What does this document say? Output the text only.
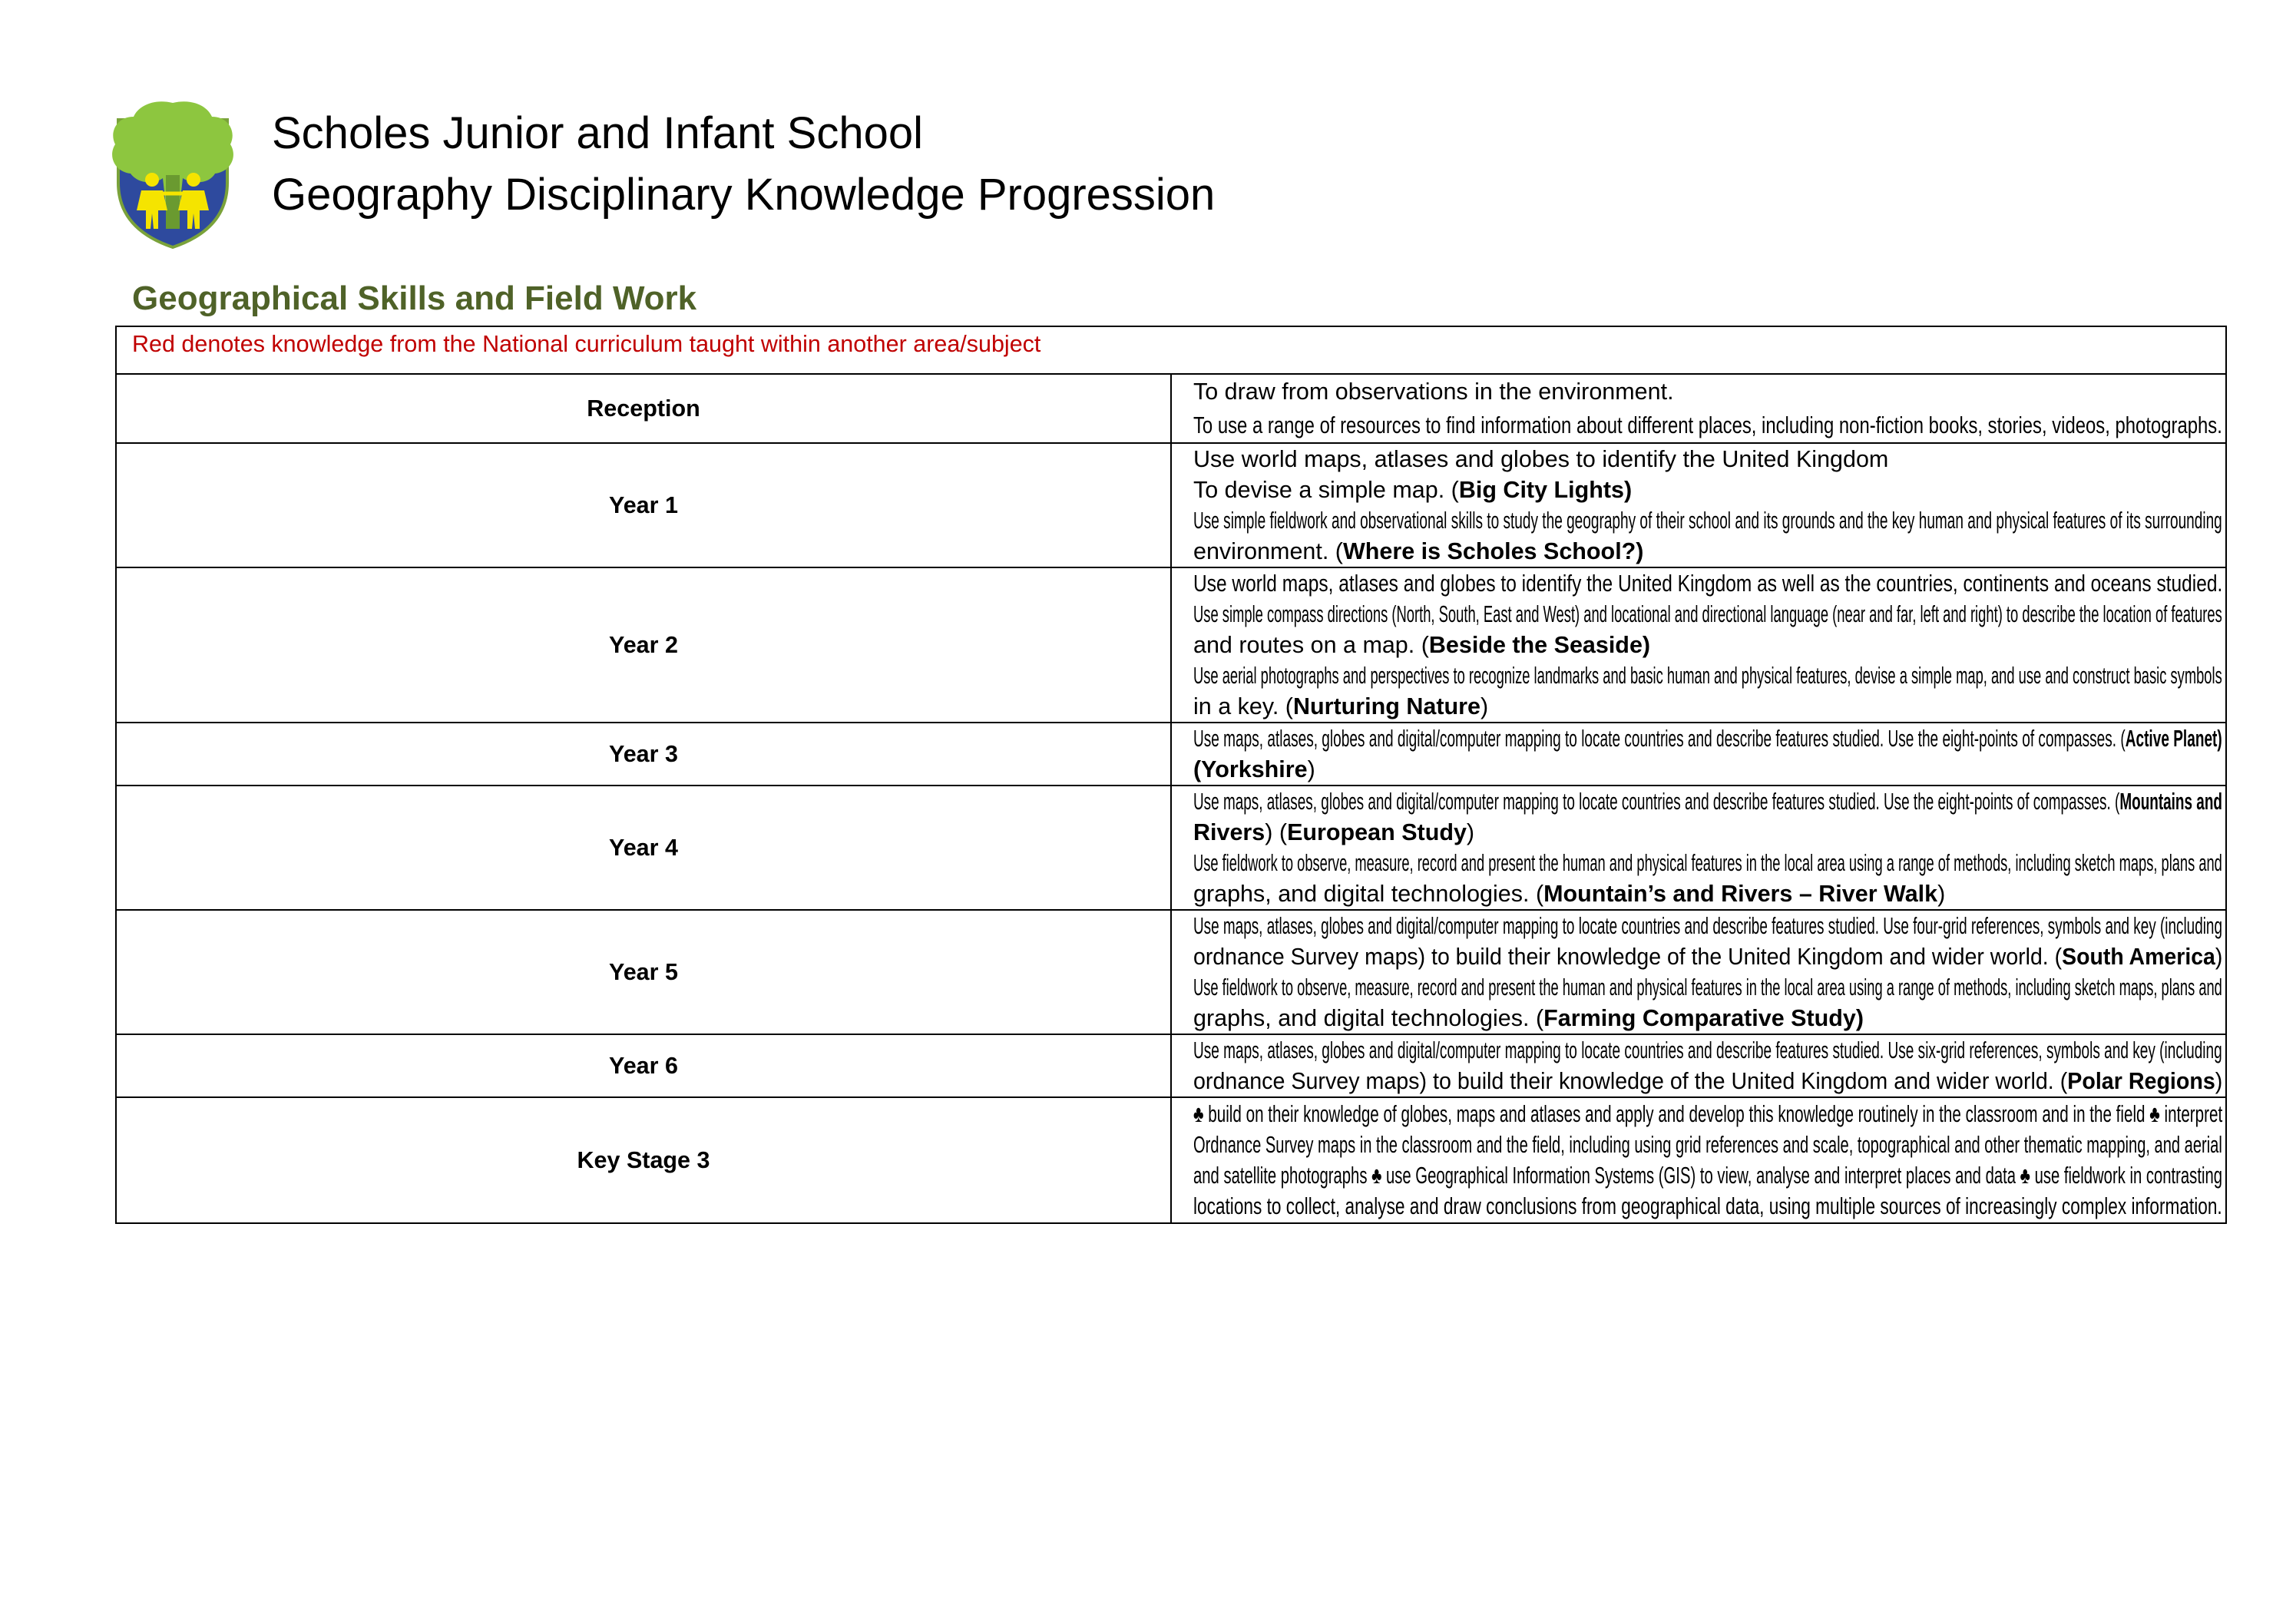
Scholes Junior and Infant School
Geography Disciplinary Knowledge Progression
Geographical Skills and Field Work
Red denotes knowledge from the National curriculum taught within another area/subject	
Reception	To draw from observations in the environment.
To use a range of resources to find information about different places, including non-fiction books, stories, videos, photographs.

Year 1	Use world maps, atlases and globes to identify the United Kingdom
To devise a simple map. (Big City Lights)
Use simple fieldwork and observational skills to study the geography of their school and its grounds and the key human and physical features of its surrounding
environment. (Where is Scholes School?)

Year 2	Use world maps, atlases and globes to identify the United Kingdom as well as the countries, continents and oceans studied.
Use simple compass directions (North, South, East and West) and locational and directional language (near and far, left and right) to describe the location of features
and routes on a map. (Beside the Seaside)
Use aerial photographs and perspectives to recognize landmarks and basic human and physical features, devise a simple map, and use and construct basic symbols
in a key. (Nurturing Nature)

Year 3	Use maps, atlases, globes and digital/computer mapping to locate countries and describe features studied. Use the eight-points of compasses. (Active Planet)
(Yorkshire)

Year 4	Use maps, atlases, globes and digital/computer mapping to locate countries and describe features studied. Use the eight-points of compasses. (Mountains and
Rivers) (European Study)
Use fieldwork to observe, measure, record and present the human and physical features in the local area using a range of methods, including sketch maps, plans and
graphs, and digital technologies. (Mountain’s and Rivers – River Walk)

Year 5	Use maps, atlases, globes and digital/computer mapping to locate countries and describe features studied. Use four-grid references, symbols and key (including
ordnance Survey maps) to build their knowledge of the United Kingdom and wider world. (South America)
Use fieldwork to observe, measure, record and present the human and physical features in the local area using a range of methods, including sketch maps, plans and
graphs, and digital technologies. (Farming Comparative Study)

Year 6	Use maps, atlases, globes and digital/computer mapping to locate countries and describe features studied. Use six-grid references, symbols and key (including
ordnance Survey maps) to build their knowledge of the United Kingdom and wider world. (Polar Regions)

Key Stage 3	♣ build on their knowledge of globes, maps and atlases and apply and develop this knowledge routinely in the classroom and in the field ♣ interpret
Ordnance Survey maps in the classroom and the field, including using grid references and scale, topographical and other thematic mapping, and aerial
and satellite photographs ♣ use Geographical Information Systems (GIS) to view, analyse and interpret places and data ♣ use fieldwork in contrasting
locations to collect, analyse and draw conclusions from geographical data, using multiple sources of increasingly complex information.
